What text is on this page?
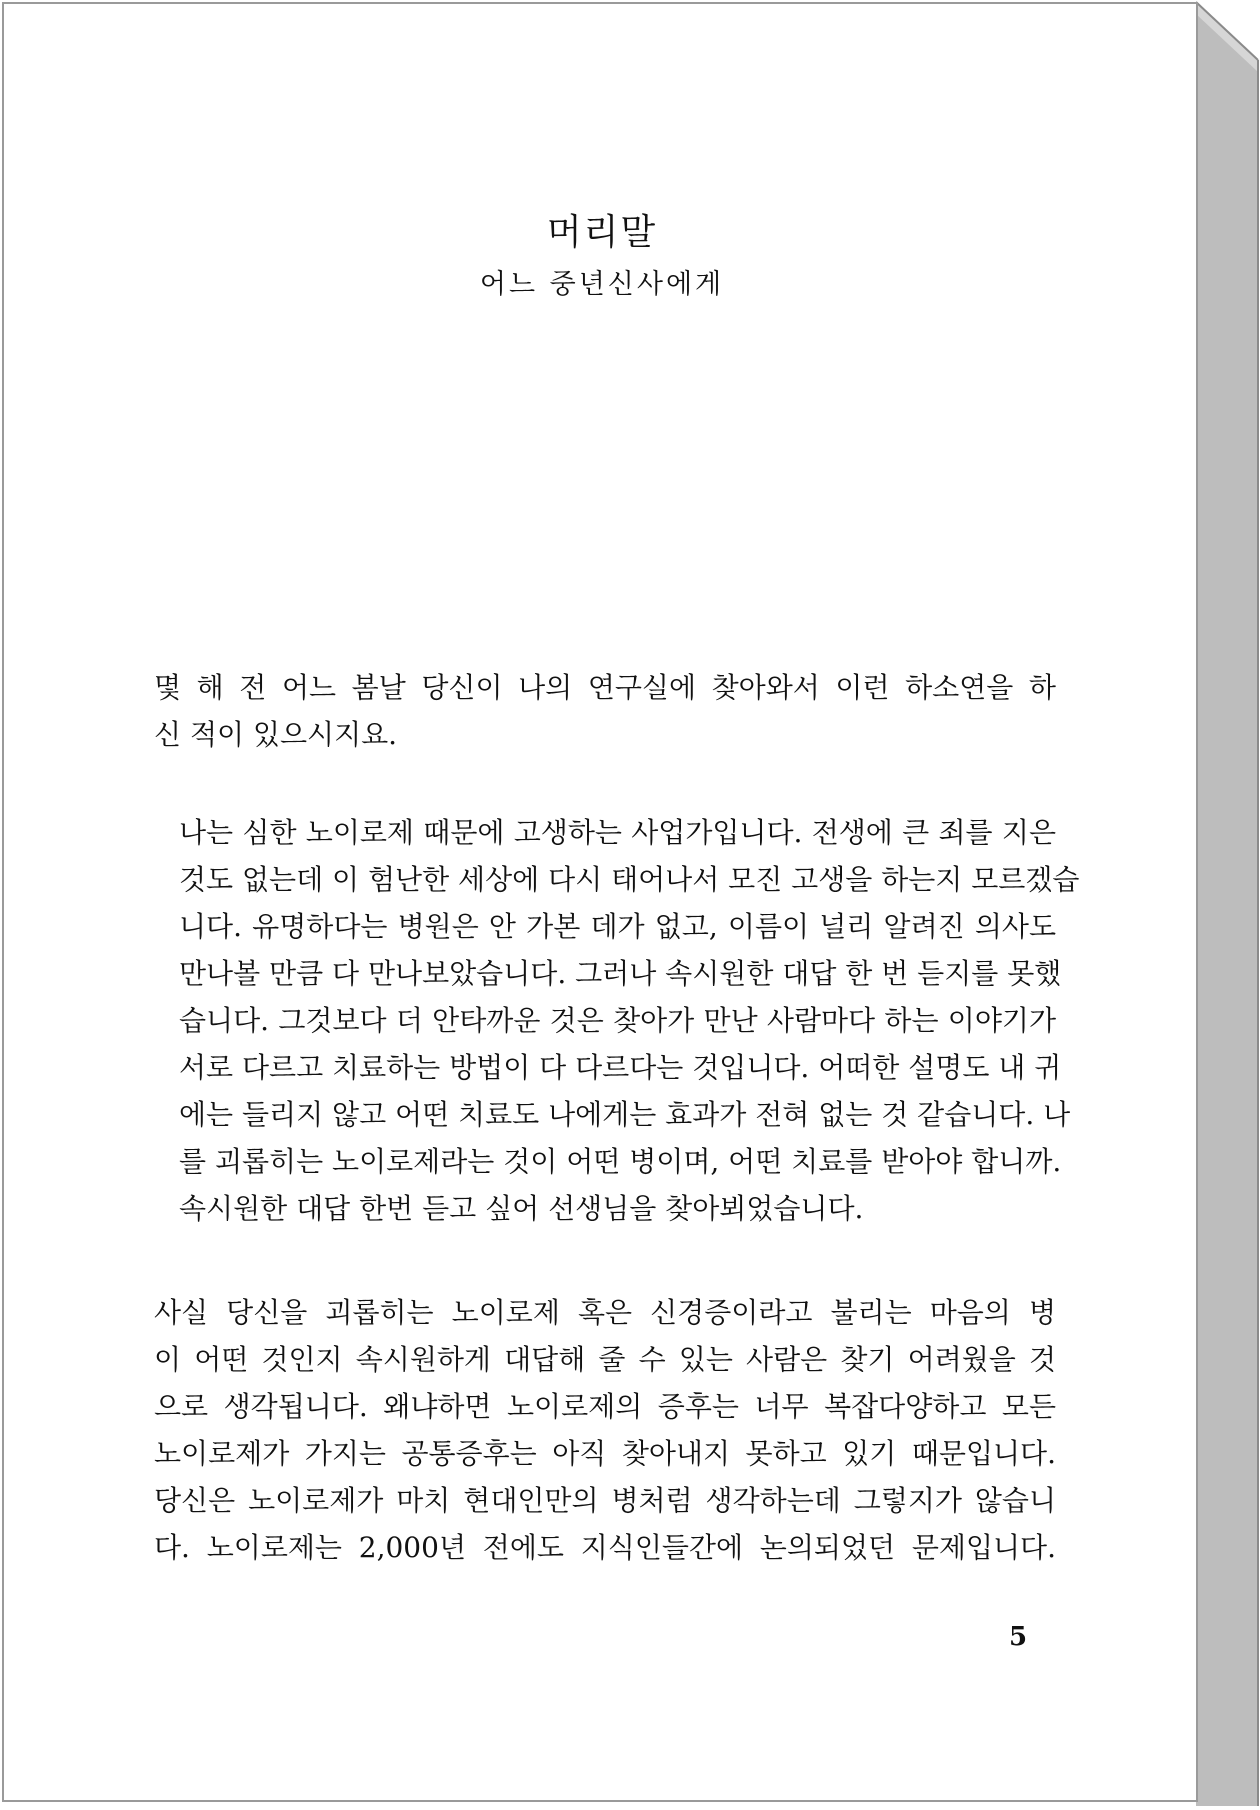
머리말
어느 중년신사에게

몇 해 전 어느 봄날 당신이 나의 연구실에 찾아와서 이런 하소연을 하
신 적이 있으시지요.

나는 심한 노이로제 때문에 고생하는 사업가입니다. 전생에 큰 죄를 지은
것도 없는데 이 험난한 세상에 다시 태어나서 모진 고생을 하는지 모르겠습
니다. 유명하다는 병원은 안 가본 데가 없고, 이름이 널리 알려진 의사도
만나볼 만큼 다 만나보았습니다. 그러나 속시원한 대답 한 번 듣지를 못했
습니다. 그것보다 더 안타까운 것은 찾아가 만난 사람마다 하는 이야기가
서로 다르고 치료하는 방법이 다 다르다는 것입니다. 어떠한 설명도 내 귀
에는 들리지 않고 어떤 치료도 나에게는 효과가 전혀 없는 것 같습니다. 나
를 괴롭히는 노이로제라는 것이 어떤 병이며, 어떤 치료를 받아야 합니까.
속시원한 대답 한번 듣고 싶어 선생님을 찾아뵈었습니다.

사실 당신을 괴롭히는 노이로제 혹은 신경증이라고 불리는 마음의 병
이 어떤 것인지 속시원하게 대답해 줄 수 있는 사람은 찾기 어려웠을 것
으로 생각됩니다. 왜냐하면 노이로제의 증후는 너무 복잡다양하고 모든
노이로제가 가지는 공통증후는 아직 찾아내지 못하고 있기 때문입니다.
당신은 노이로제가 마치 현대인만의 병처럼 생각하는데 그렇지가 않습니
다. 노이로제는 2,000년 전에도 지식인들간에 논의되었던 문제입니다.

5
